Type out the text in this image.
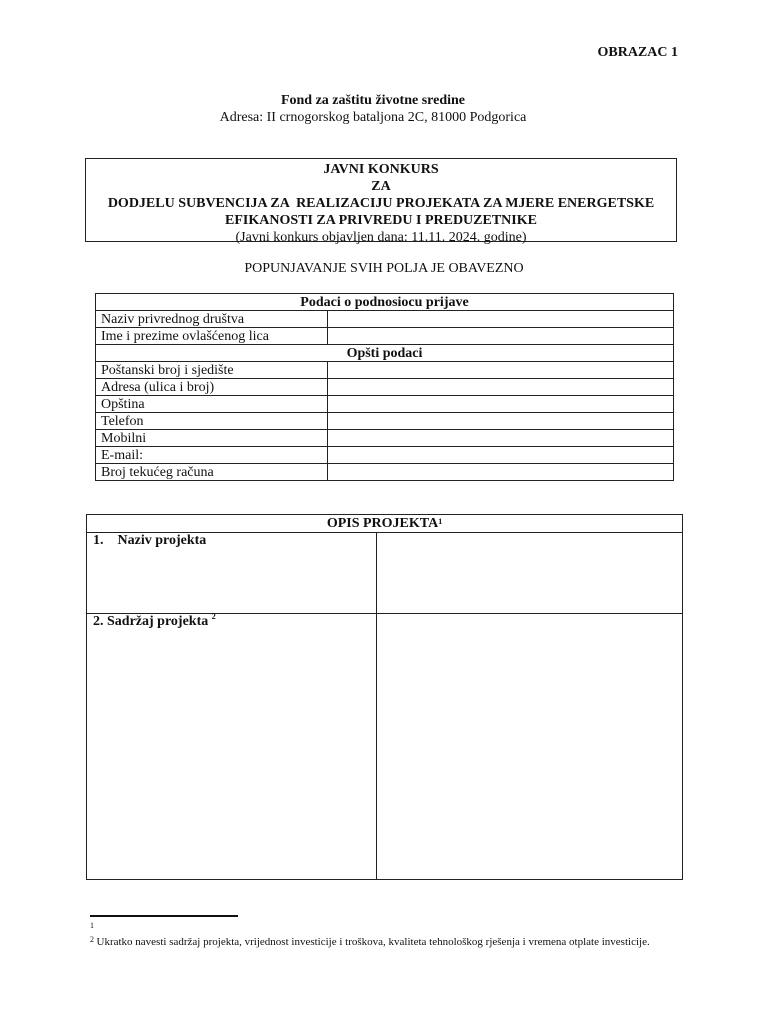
OBRAZAC 1
Fond za zaštitu životne sredine
Adresa: II crnogorskog bataljona 2C, 81000 Podgorica
JAVNI KONKURS
ZA
DODJELU SUBVENCIJA ZA  REALIZACIJU PROJEKATA ZA MJERE ENERGETSKE
EFIKANOSTI ZA PRIVREDU I PREDUZETNIKE
(Javni konkurs objavljen dana: 11.11. 2024. godine)
POPUNJAVANJE SVIH POLJA JE OBAVEZNO
Podaci o podnosiocu prijave	
Naziv privrednog društva	
Ime i prezime ovlašćenog lica	
Opšti podaci	
Poštanski broj i sjedište	
Adresa (ulica i broj)	
Opština	
Telefon	
Mobilni	
E-mail:	
Broj tekućeg računa	
OPIS PROJEKTA$^1$
1. Naziv projekta	
2. Sadržaj projekta $^2$	
1
$^2$ Ukratko navesti sadržaj projekta, vrijednost investicije i troškova, kvaliteta tehnološkog rješenja i vremena otplate investicije.
